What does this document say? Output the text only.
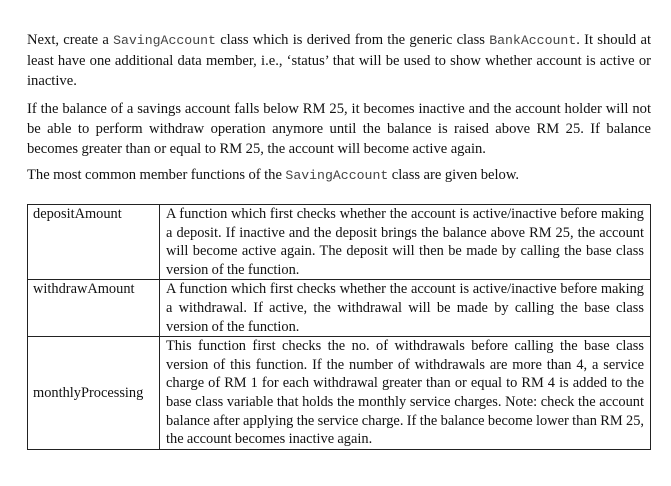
Next, create a SavingAccount class which is derived from the generic class BankAccount. It should at least have one additional data member, i.e., ‘status’ that will be used to show whether account is active or inactive.

If the balance of a savings account falls below RM 25, it becomes inactive and the account holder will not be able to perform withdraw operation anymore until the balance is raised above RM 25. If balance becomes greater than or equal to RM 25, the account will become active again.

The most common member functions of the SavingAccount class are given below.

depositAmount	A function which first checks whether the account is active/inactive before making a deposit. If inactive and the deposit brings the balance above RM 25, the account will become active again. The deposit will then be made by calling the base class version of the function.
withdrawAmount	A function which first checks whether the account is active/inactive before making a withdrawal. If active, the withdrawal will be made by calling the base class version of the function.
monthlyProcessing	This function first checks the no. of withdrawals before calling the base class version of this function. If the number of withdrawals are more than 4, a service charge of RM 1 for each withdrawal greater than or equal to RM 4 is added to the base class variable that holds the monthly service charges. Note: check the account balance after applying the service charge. If the balance become lower than RM 25, the account becomes inactive again.
